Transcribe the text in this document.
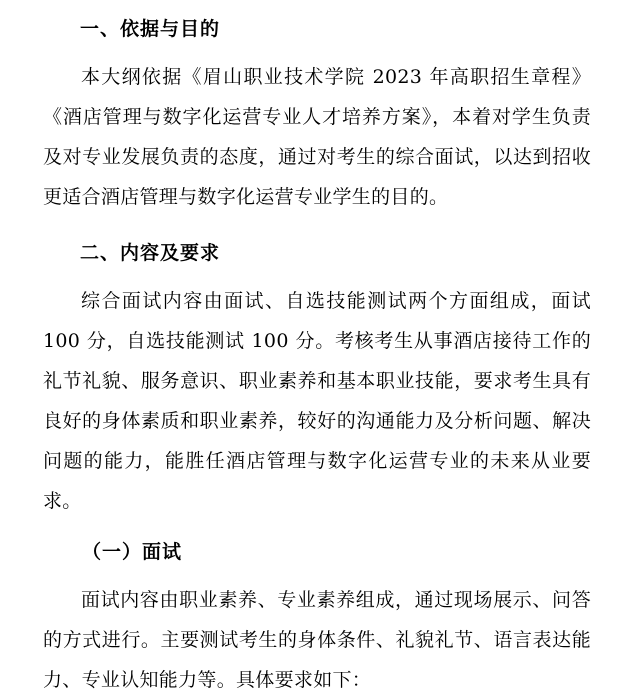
一、依据与目的

本大纲依据《眉山职业技术学院 2023 年高职招生章程》《酒店管理与数字化运营专业人才培养方案》，本着对学生负责及对专业发展负责的态度，通过对考生的综合面试，以达到招收更适合酒店管理与数字化运营专业学生的目的。

二、内容及要求

综合面试内容由面试、自选技能测试两个方面组成，面试 100 分，自选技能测试 100 分。考核考生从事酒店接待工作的礼节礼貌、服务意识、职业素养和基本职业技能，要求考生具有良好的身体素质和职业素养，较好的沟通能力及分析问题、解决问题的能力，能胜任酒店管理与数字化运营专业的未来从业要求。

（一）面试

面试内容由职业素养、专业素养组成，通过现场展示、问答的方式进行。主要测试考生的身体条件、礼貌礼节、语言表达能力、专业认知能力等。具体要求如下：
